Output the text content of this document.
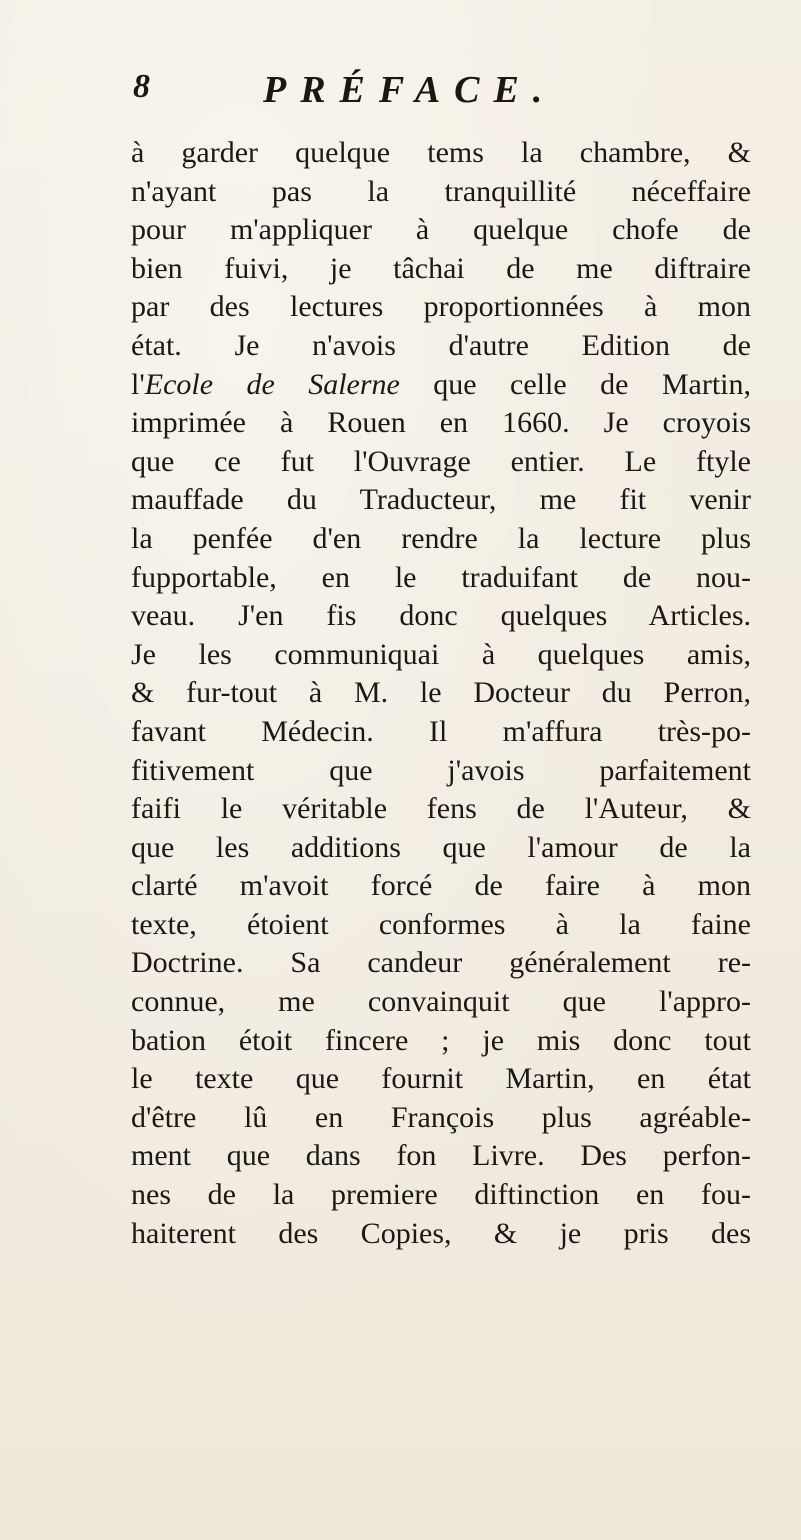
8	PRÉFACE.
à garder quelque tems la chambre, &
n'ayant pas la tranquillité néceffaire
pour m'appliquer à quelque chofe de
bien fuivi, je tâchai de me diftraire
par des lectures proportionnées à mon
état. Je n'avois d'autre Edition de
l'Ecole de Salerne que celle de Martin,
imprimée à Rouen en 1660. Je croyois
que ce fut l'Ouvrage entier. Le ftyle
mauffade du Traducteur, me fit venir
la penfée d'en rendre la lecture plus
fupportable, en le traduifant de nou-
veau. J'en fis donc quelques Articles.
Je les communiquai à quelques amis,
& fur-tout à M. le Docteur du Perron,
favant Médecin. Il m'affura très-po-
fitivement que j'avois parfaitement
faifi le véritable fens de l'Auteur, &
que les additions que l'amour de la
clarté m'avoit forcé de faire à mon
texte, étoient conformes à la faine
Doctrine. Sa candeur généralement re-
connue, me convainquit que l'appro-
bation étoit fincere ; je mis donc tout
le texte que fournit Martin, en état
d'être lû en François plus agréable-
ment que dans fon Livre. Des perfon-
nes de la premiere diftinction en fou-
haiterent des Copies, & je pris des
